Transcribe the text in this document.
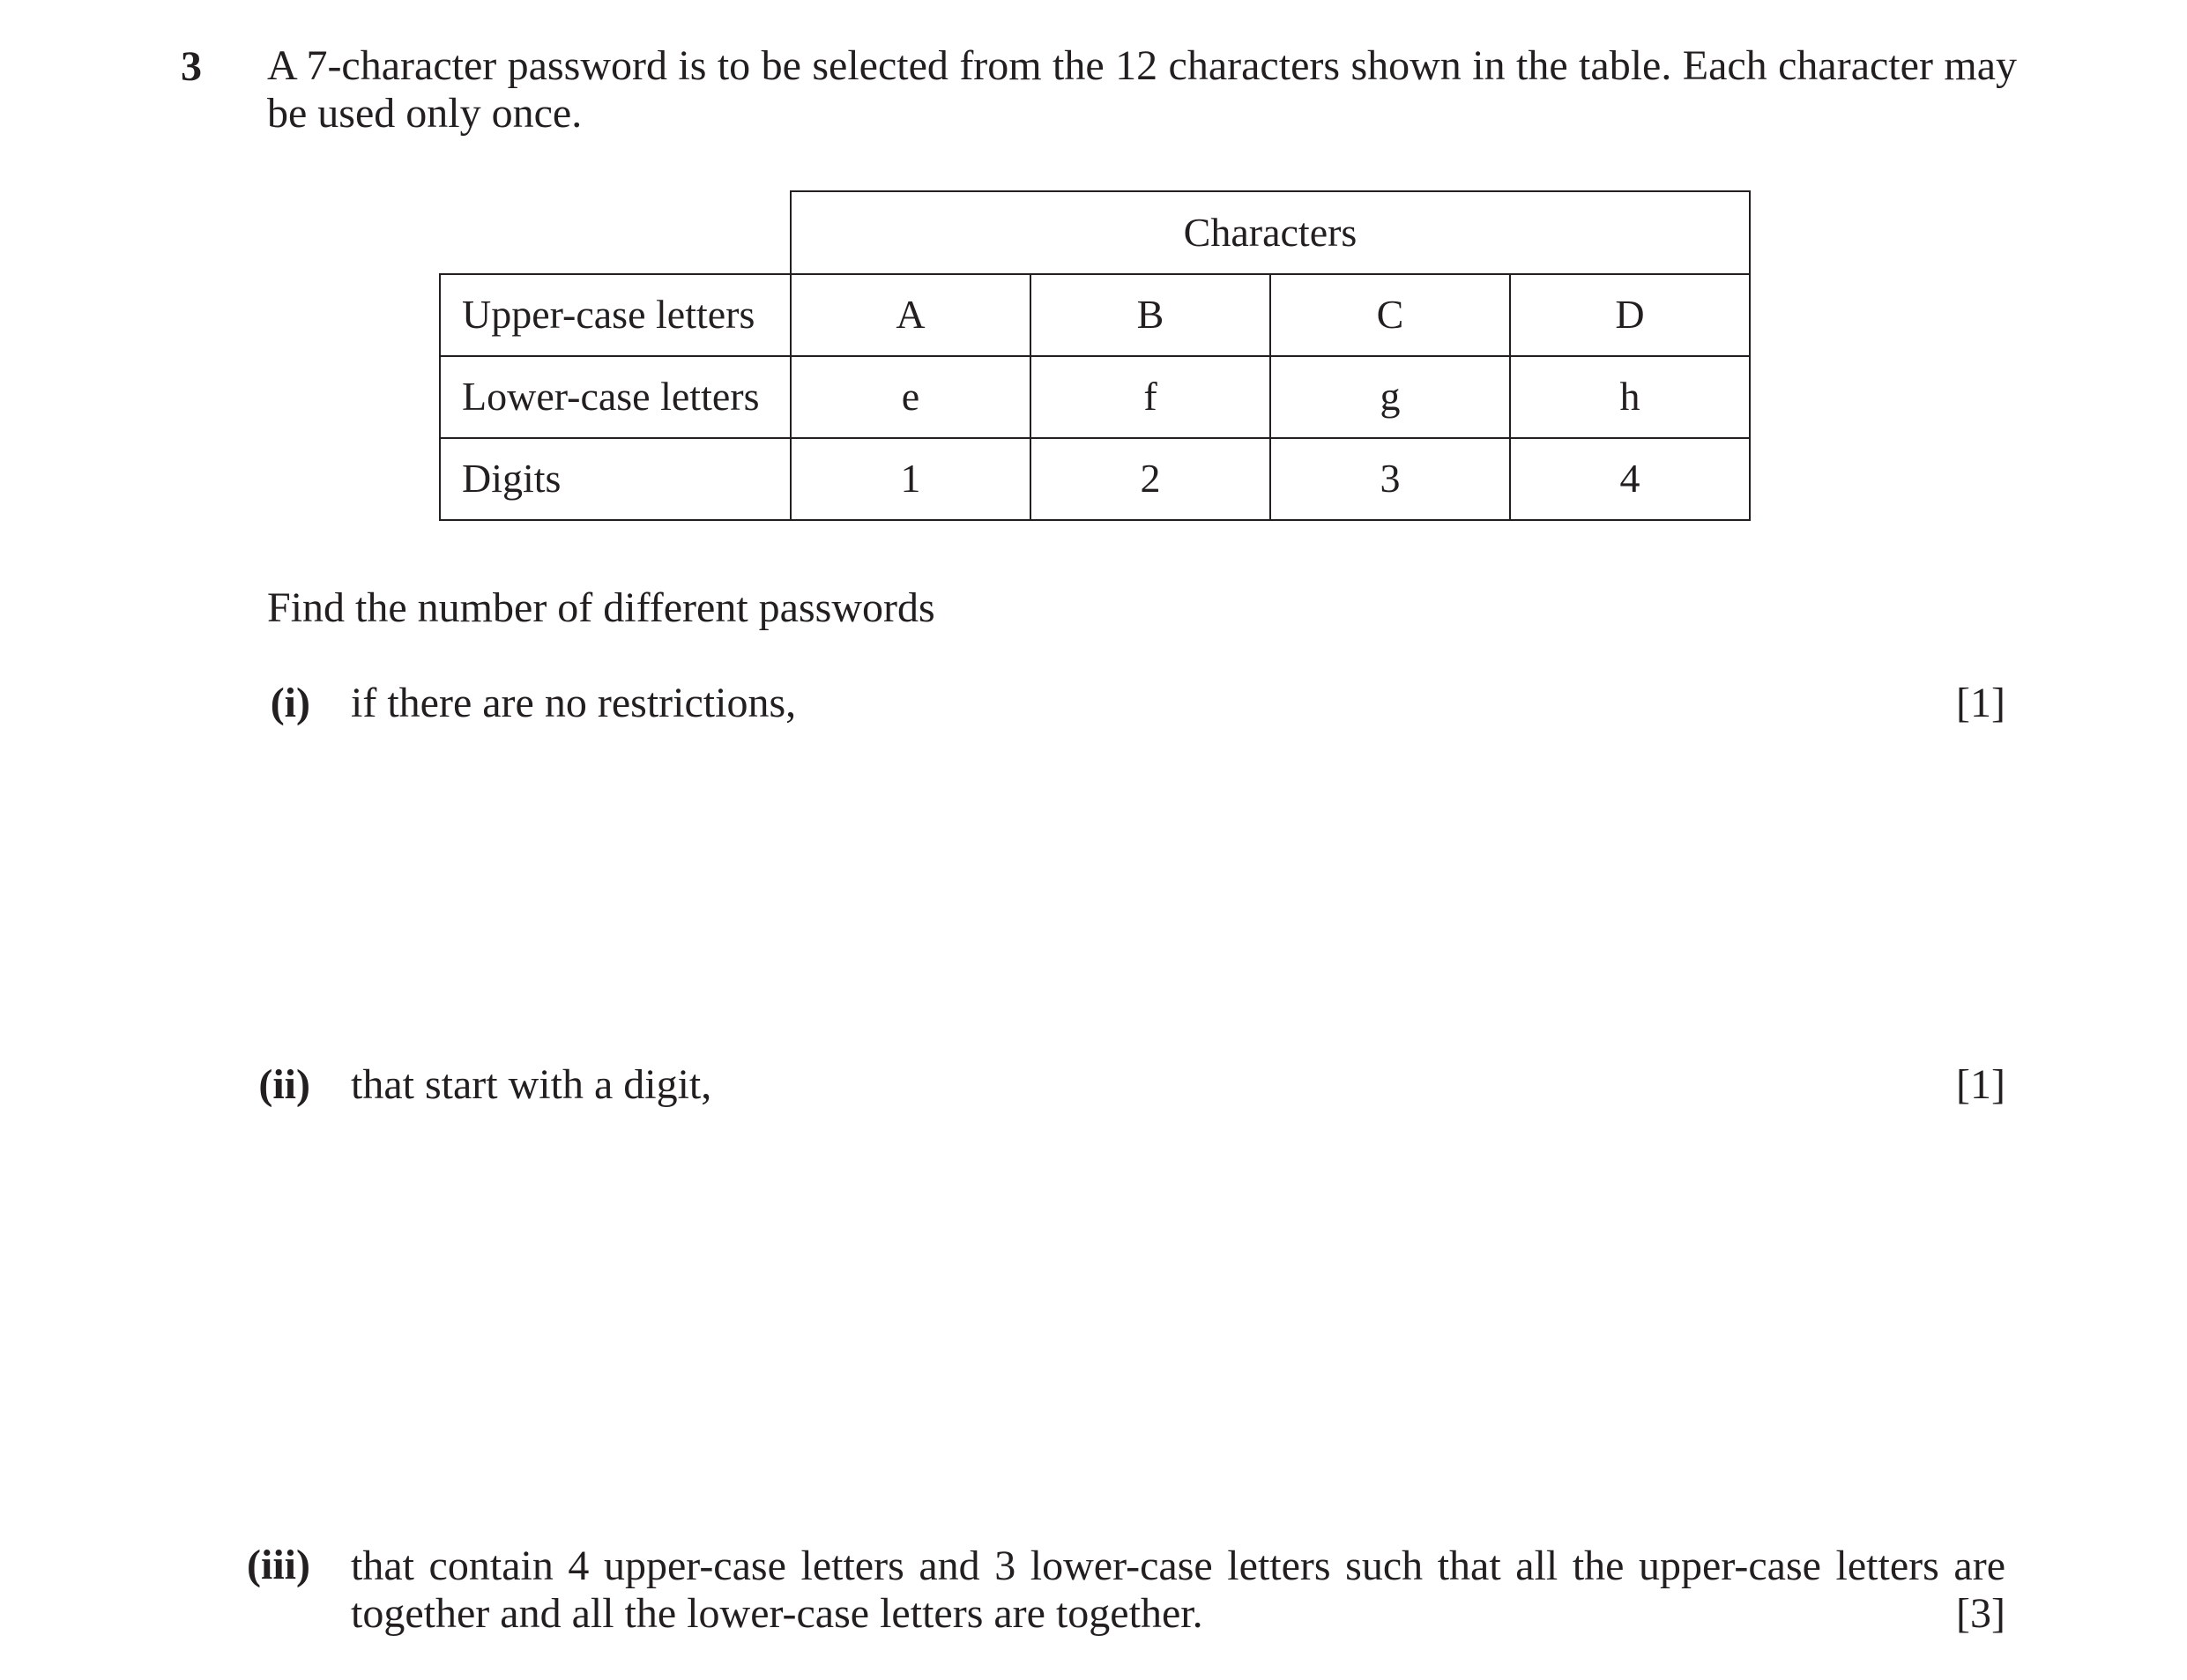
3 A 7-character password is to be selected from the 12 characters shown in the table. Each character may be used only once.
	Characters			
Upper-case letters	A	B	C	D
Lower-case letters	e	f	g	h
Digits	1	2	3	4
Find the number of different passwords
(i) if there are no restrictions,	[1]
(ii) that start with a digit,	[1]
(iii) that contain 4 upper-case letters and 3 lower-case letters such that all the upper-case letters are
together and all the lower-case letters are together.	[3]
